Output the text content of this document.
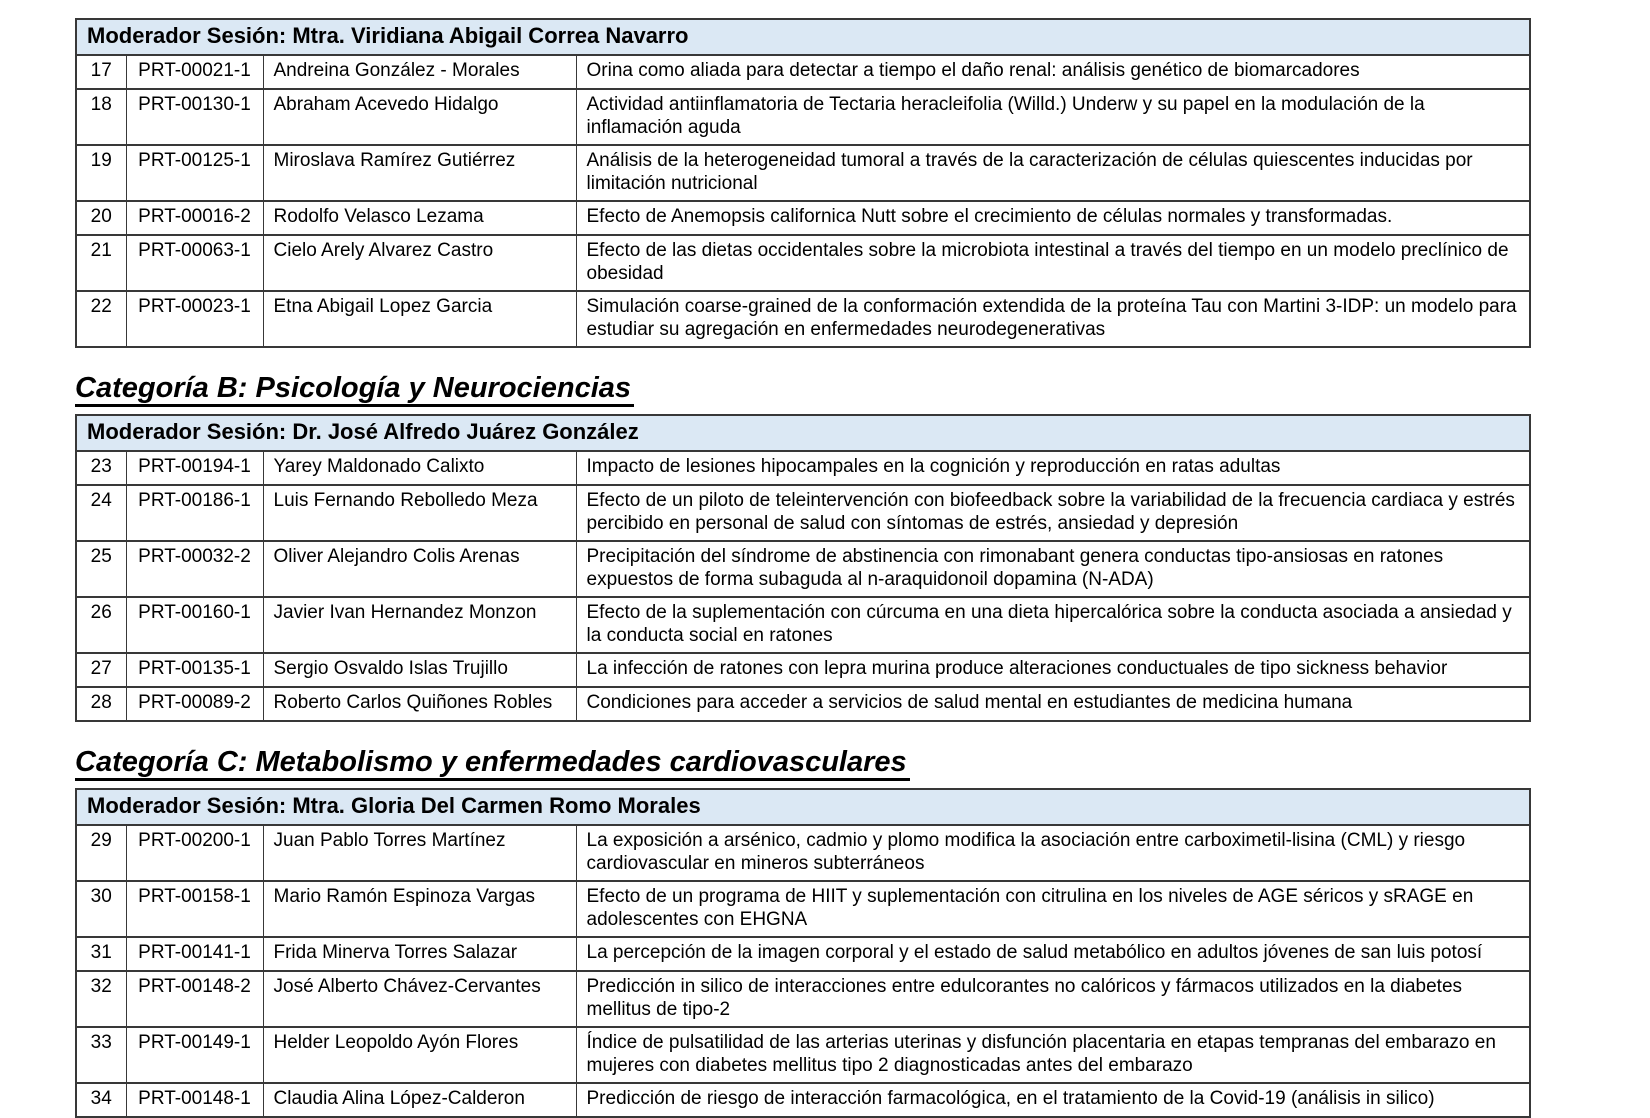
Moderador Sesión: Mtra. Viridiana Abigail Correa Navarro			
17	PRT-00021-1	Andreina González - Morales	Orina como aliada para detectar a tiempo el daño renal: análisis genético de biomarcadores
18	PRT-00130-1	Abraham Acevedo Hidalgo	Actividad antiinflamatoria de Tectaria heracleifolia (Willd.) Underw y su papel en la modulación de la inflamación aguda
19	PRT-00125-1	Miroslava Ramírez Gutiérrez	Análisis de la heterogeneidad tumoral a través de la caracterización de células quiescentes inducidas por limitación nutricional
20	PRT-00016-2	Rodolfo Velasco Lezama	Efecto de Anemopsis californica Nutt sobre el crecimiento de células normales y transformadas.
21	PRT-00063-1	Cielo Arely Alvarez Castro	Efecto de las dietas occidentales sobre la microbiota intestinal a través del tiempo en un modelo preclínico de obesidad
22	PRT-00023-1	Etna Abigail Lopez Garcia	Simulación coarse-grained de la conformación extendida de la proteína Tau con Martini 3-IDP: un modelo para estudiar su agregación en enfermedades neurodegenerativas
Categoría B: Psicología y Neurociencias
Moderador Sesión: Dr. José Alfredo Juárez González			
23	PRT-00194-1	Yarey Maldonado Calixto	Impacto de lesiones hipocampales en la cognición y reproducción en ratas adultas
24	PRT-00186-1	Luis Fernando Rebolledo Meza	Efecto de un piloto de teleintervención con biofeedback sobre la variabilidad de la frecuencia cardiaca y estrés percibido en personal de salud con síntomas de estrés, ansiedad y depresión
25	PRT-00032-2	Oliver Alejandro Colis Arenas	Precipitación del síndrome de abstinencia con rimonabant genera conductas tipo-ansiosas en ratones expuestos de forma subaguda al n-araquidonoil dopamina (N-ADA)
26	PRT-00160-1	Javier Ivan Hernandez Monzon	Efecto de la suplementación con cúrcuma en una dieta hipercalórica sobre la conducta asociada a ansiedad y la conducta social en ratones
27	PRT-00135-1	Sergio Osvaldo Islas Trujillo	La infección de ratones con lepra murina produce alteraciones conductuales de tipo sickness behavior
28	PRT-00089-2	Roberto Carlos Quiñones Robles	Condiciones para acceder a servicios de salud mental en estudiantes de medicina humana
Categoría C: Metabolismo y enfermedades cardiovasculares
Moderador Sesión: Mtra. Gloria Del Carmen Romo Morales			
29	PRT-00200-1	Juan Pablo Torres Martínez	La exposición a arsénico, cadmio y plomo modifica la asociación entre carboximetil-lisina (CML) y riesgo cardiovascular en mineros subterráneos
30	PRT-00158-1	Mario Ramón Espinoza Vargas	Efecto de un programa de HIIT y suplementación con citrulina en los niveles de AGE séricos y sRAGE en adolescentes con EHGNA
31	PRT-00141-1	Frida Minerva Torres Salazar	La percepción de la imagen corporal y el estado de salud metabólico en adultos jóvenes de san luis potosí
32	PRT-00148-2	José Alberto Chávez-Cervantes	Predicción in silico de interacciones entre edulcorantes no calóricos y fármacos utilizados en la diabetes mellitus de tipo-2
33	PRT-00149-1	Helder Leopoldo Ayón Flores	Índice de pulsatilidad de las arterias uterinas y disfunción placentaria en etapas tempranas del embarazo en mujeres con diabetes mellitus tipo 2 diagnosticadas antes del embarazo
34	PRT-00148-1	Claudia Alina López-Calderon	Predicción de riesgo de interacción farmacológica, en el tratamiento de la Covid-19 (análisis in silico)
